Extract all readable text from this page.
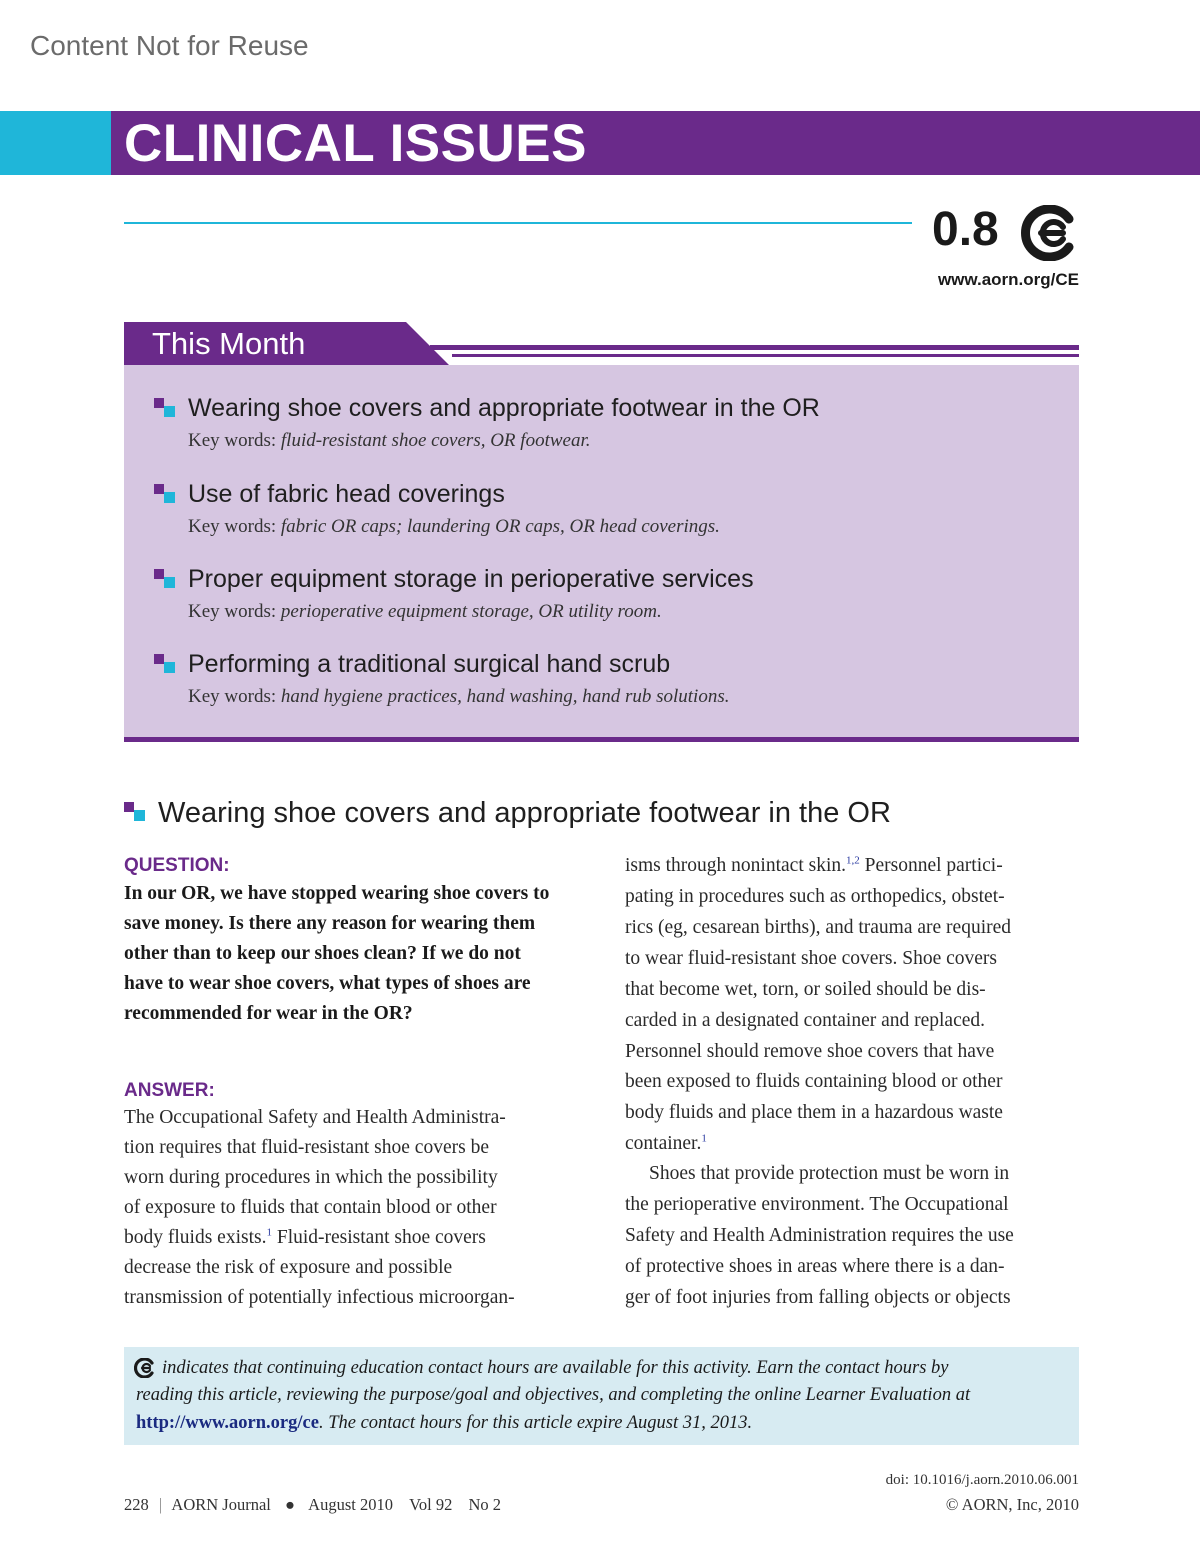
Content Not for Reuse
CLINICAL ISSUES
0.8
www.aorn.org/CE
This Month
Wearing shoe covers and appropriate footwear in the OR
Key words: fluid-resistant shoe covers, OR footwear.
Use of fabric head coverings
Key words: fabric OR caps; laundering OR caps, OR head coverings.
Proper equipment storage in perioperative services
Key words: perioperative equipment storage, OR utility room.
Performing a traditional surgical hand scrub
Key words: hand hygiene practices, hand washing, hand rub solutions.
Wearing shoe covers and appropriate footwear in the OR
QUESTION:
In our OR, we have stopped wearing shoe covers to
save money. Is there any reason for wearing them
other than to keep our shoes clean? If we do not
have to wear shoe covers, what types of shoes are
recommended for wear in the OR?
ANSWER:
The Occupational Safety and Health Administra-
tion requires that fluid-resistant shoe covers be
worn during procedures in which the possibility
of exposure to fluids that contain blood or other
body fluids exists.$^1$ Fluid-resistant shoe covers
decrease the risk of exposure and possible
transmission of potentially infectious microorgan-
isms through nonintact skin.$^{1,2}$ Personnel partici-
pating in procedures such as orthopedics, obstet-
rics (eg, cesarean births), and trauma are required
to wear fluid-resistant shoe covers. Shoe covers
that become wet, torn, or soiled should be dis-
carded in a designated container and replaced.
Personnel should remove shoe covers that have
been exposed to fluids containing blood or other
body fluids and place them in a hazardous waste
container.$^1$
Shoes that provide protection must be worn in
the perioperative environment. The Occupational
Safety and Health Administration requires the use
of protective shoes in areas where there is a dan-
ger of foot injuries from falling objects or objects
indicates that continuing education contact hours are available for this activity. Earn the contact hours by
reading this article, reviewing the purpose/goal and objectives, and completing the online Learner Evaluation at
http://www.aorn.org/ce. The contact hours for this article expire August 31, 2013.
228 | AORN Journal ● August 2010 Vol 92 No 2
doi: 10.1016/j.aorn.2010.06.001
© AORN, Inc, 2010
